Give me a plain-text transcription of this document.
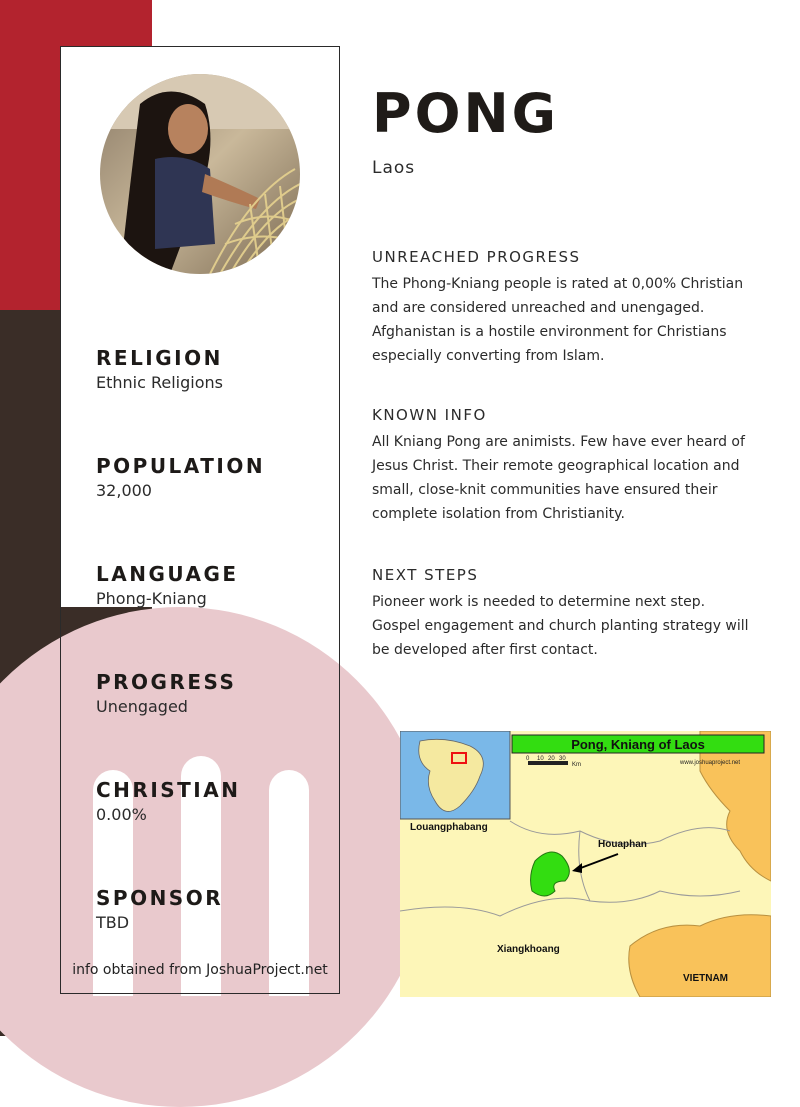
RELIGION
Ethnic Religions
POPULATION
32,000
LANGUAGE
Phong-Kniang
PROGRESS
Unengaged
CHRISTIAN
0.00%
SPONSOR
TBD
info obtained from JoshuaProject.net
PONG
Laos
UNREACHED PROGRESS

The Phong-Kniang people is rated at 0,00% Christian and are considered unreached and unengaged. Afghanistan is a hostile environment for Christians especially converting from Islam.

KNOWN INFO

All Kniang Pong are animists. Few have ever heard of Jesus Christ. Their remote geographical location and small, close-knit communities have ensured their complete isolation from Christianity.

NEXT STEPS

Pioneer work is needed to determine next step. Gospel engagement and church planting strategy will be developed after first contact.

Pong, Kniang of Laos
0 10 20 30
Km	www.joshuaproject.net
Louangphabang
Houaphan
Xiangkhoang
VIETNAM
